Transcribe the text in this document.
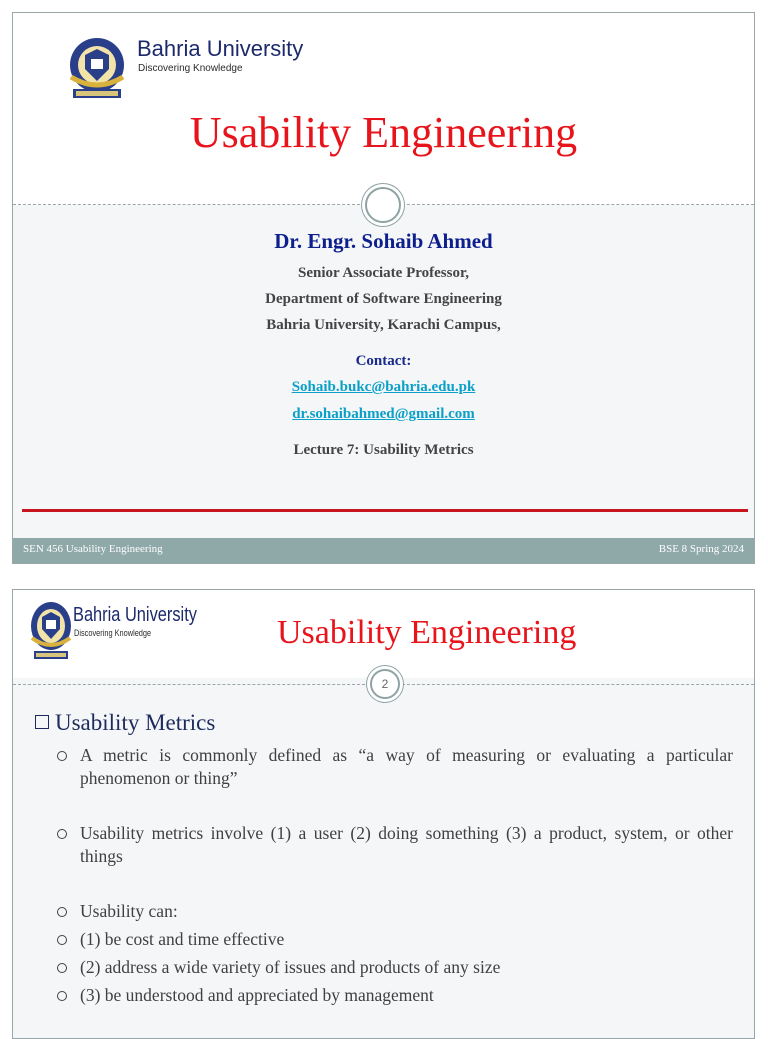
Bahria University
Discovering Knowledge
Usability Engineering
Dr. Engr. Sohaib Ahmed
Senior Associate Professor,
Department of Software Engineering
Bahria University, Karachi Campus,
Contact:
Sohaib.bukc@bahria.edu.pk
dr.sohaibahmed@gmail.com
Lecture 7: Usability Metrics
SEN 456 Usability Engineering	BSE 8 Spring 2024
Bahria University
Discovering Knowledge	Usability Engineering
2
Usability Metrics
A metric is commonly defined as “a way of measuring or evaluating a particular phenomenon or thing”
Usability metrics involve (1) a user (2) doing something (3) a product, system, or other things
Usability can:
(1) be cost and time effective
(2) address a wide variety of issues and products of any size
(3) be understood and appreciated by management
